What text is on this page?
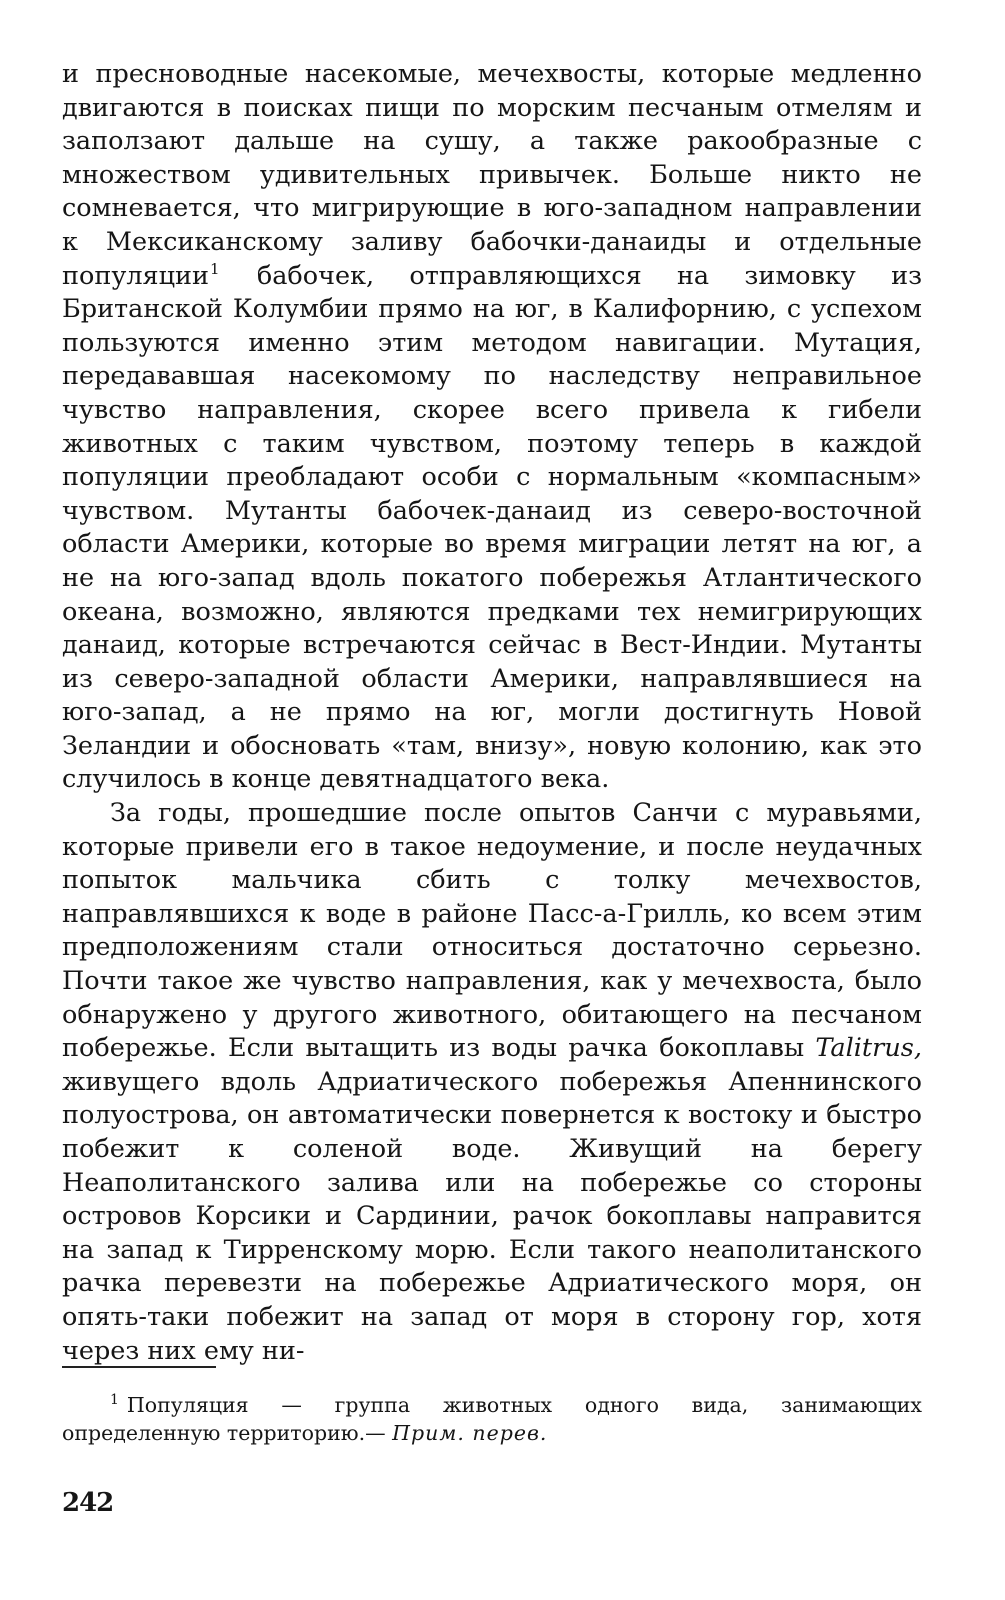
и пресноводные насекомые, мечехвосты, которые медленно двигаются в поисках пищи по морским песчаным отмелям и заползают дальше на сушу, а также ракообразные с множеством удивительных привычек. Больше никто не сомневается, что мигрирующие в юго-западном направлении к Мексиканскому заливу бабочки-данаиды и отдельные популяции$^1$ бабочек, отправляющихся на зимовку из Британской Колумбии прямо на юг, в Калифорнию, с успехом пользуются именно этим методом навигации. Мутация, передававшая насекомому по наследству неправильное чувство направления, скорее всего привела к гибели животных с таким чувством, поэтому теперь в каждой популяции преобладают особи с нормальным «компасным» чувством. Мутанты бабочек-данаид из северо-восточной области Америки, которые во время миграции летят на юг, а не на юго-запад вдоль покатого побережья Атлантического океана, возможно, являются предками тех немигрирующих данаид, которые встречаются сейчас в Вест-Индии. Мутанты из северо-западной области Америки, направлявшиеся на юго-запад, а не прямо на юг, могли достигнуть Новой Зеландии и обосновать «там, внизу», новую колонию, как это случилось в конце девятнадцатого века.

За годы, прошедшие после опытов Санчи с муравьями, которые привели его в такое недоумение, и после неудачных попыток мальчика сбить с толку мечехвостов, направлявшихся к воде в районе Пасс-а-Грилль, ко всем этим предположениям стали относиться достаточно серьезно. Почти такое же чувство направления, как у мечехвоста, было обнаружено у другого животного, обитающего на песчаном побережье. Если вытащить из воды рачка бокоплавы Talitrus, живущего вдоль Адриатического побережья Апеннинского полуострова, он автоматически повернется к востоку и быстро побежит к соленой воде. Живущий на берегу Неаполитанского залива или на побережье со стороны островов Корсики и Сардинии, рачок бокоплавы направится на запад к Тирренскому морю. Если такого неаполитанского рачка перевезти на побережье Адриатического моря, он опять-таки побежит на запад от моря в сторону гор, хотя через них ему ни-

$^1$ Популяция — группа животных одного вида, занимающих определенную территорию.— Прим. перев.

242
